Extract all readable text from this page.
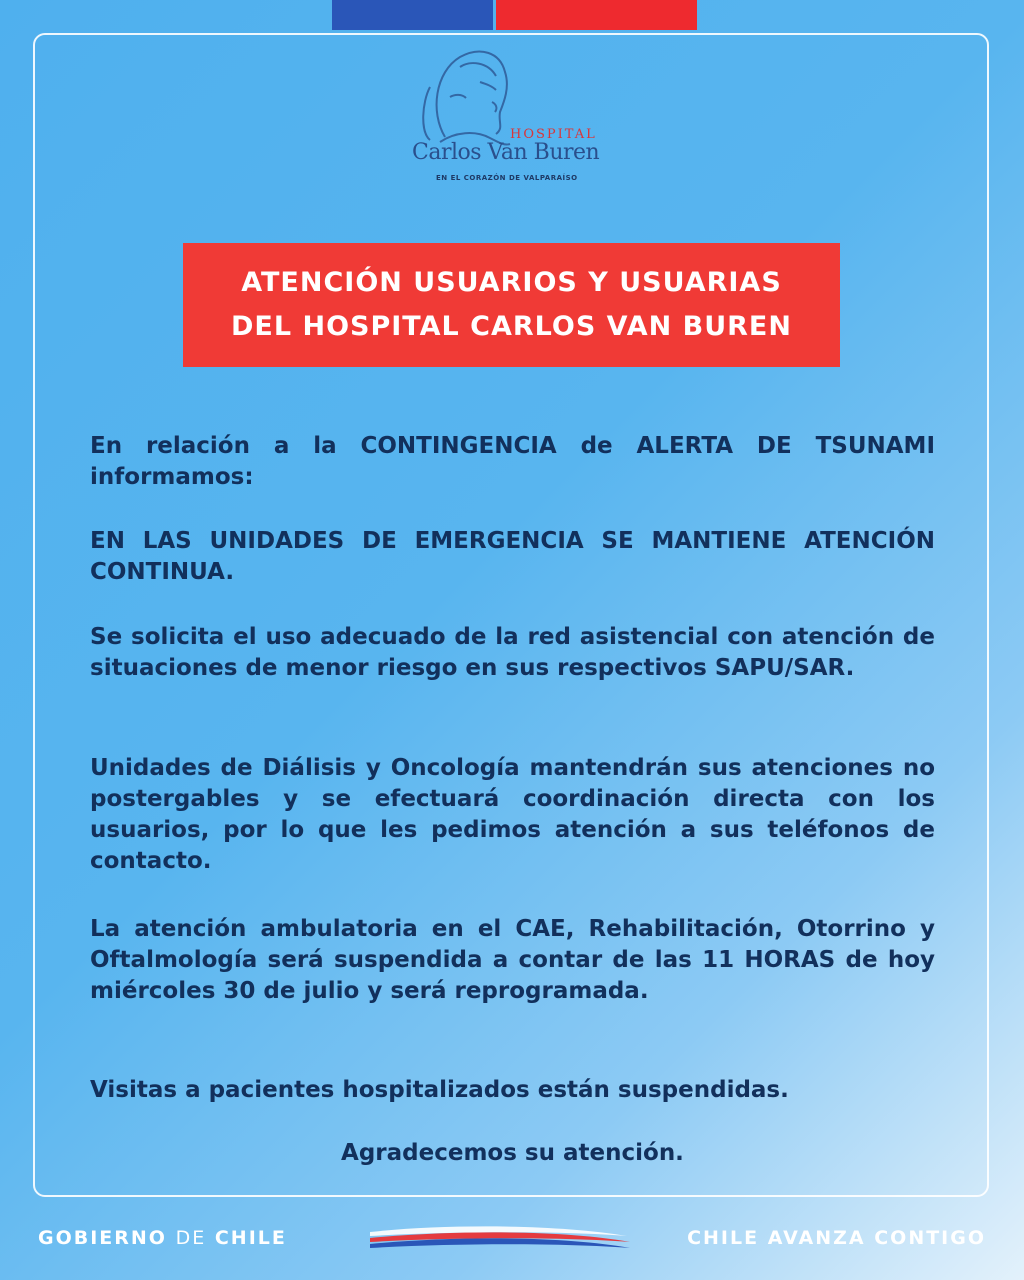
HOSPITAL
Carlos Van Buren
EN EL CORAZÓN DE VALPARAÍSO
ATENCIÓN USUARIOS Y USUARIAS
DEL HOSPITAL CARLOS VAN BUREN

En relación a la CONTINGENCIA de ALERTA DE TSUNAMI informamos:

EN LAS UNIDADES DE EMERGENCIA SE MANTIENE ATENCIÓN CONTINUA.

Se solicita el uso adecuado de la red asistencial con atención de situaciones de menor riesgo en sus respectivos SAPU/SAR.

Unidades de Diálisis y Oncología mantendrán sus atenciones no postergables y se efectuará coordinación directa con los usuarios, por lo que les pedimos atención a sus teléfonos de contacto.

La atención ambulatoria en el CAE, Rehabilitación, Otorrino y Oftalmología será suspendida a contar de las 11 HORAS de hoy miércoles 30 de julio y será reprogramada.

Visitas a pacientes hospitalizados están suspendidas.

Agradecemos su atención.

GOBIERNO DE CHILE	CHILE AVANZA CONTIGO
